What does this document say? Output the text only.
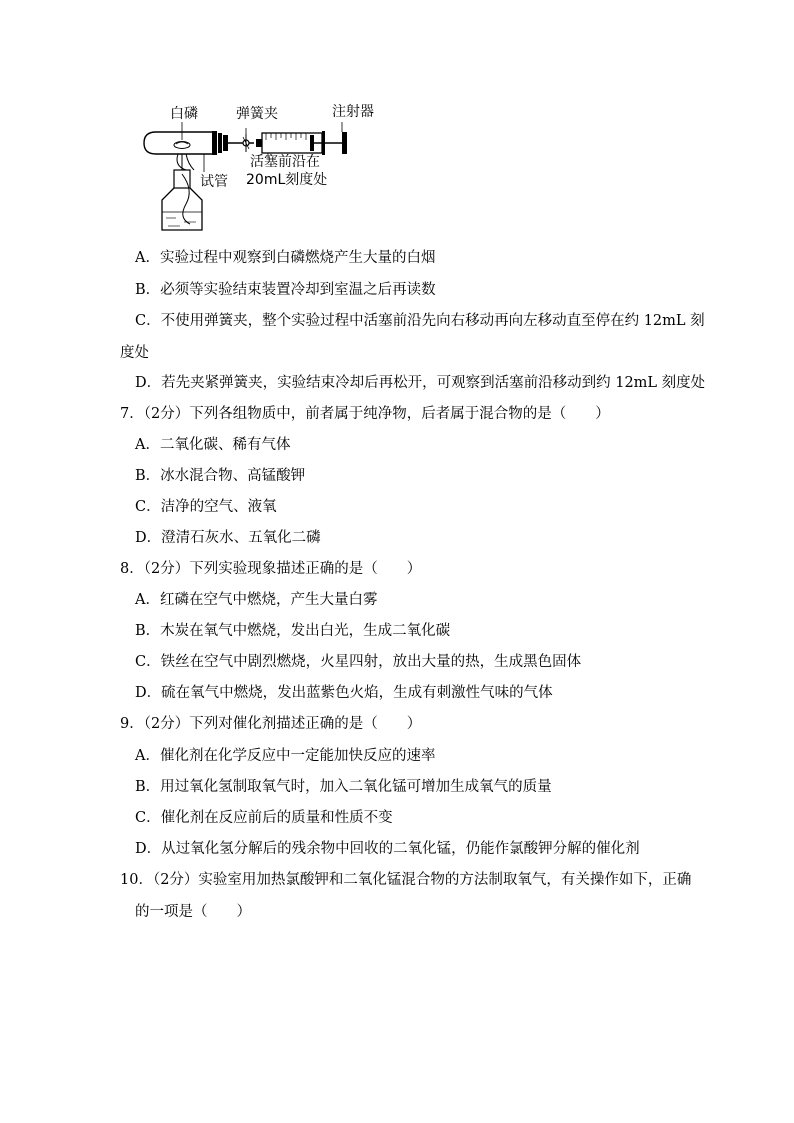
白磷	弹簧夹	注射器
试管
活塞前沿在
20mL刻度处
A．实验过程中观察到白磷燃烧产生大量的白烟
B．必须等实验结束装置冷却到室温之后再读数
C．不使用弹簧夹，整个实验过程中活塞前沿先向右移动再向左移动直至停在约 12mL 刻
度处
D．若先夹紧弹簧夹，实验结束冷却后再松开，可观察到活塞前沿移动到约 12mL 刻度处
7．（2分）下列各组物质中，前者属于纯净物，后者属于混合物的是（　　）
A．二氧化碳、稀有气体
B．冰水混合物、高锰酸钾
C．洁净的空气、液氧
D．澄清石灰水、五氧化二磷
8．（2分）下列实验现象描述正确的是（　　）
A．红磷在空气中燃烧，产生大量白雾
B．木炭在氧气中燃烧，发出白光，生成二氧化碳
C．铁丝在空气中剧烈燃烧，火星四射，放出大量的热，生成黑色固体
D．硫在氧气中燃烧，发出蓝紫色火焰，生成有刺激性气味的气体
9．（2分）下列对催化剂描述正确的是（　　）
A．催化剂在化学反应中一定能加快反应的速率
B．用过氧化氢制取氧气时，加入二氧化锰可增加生成氧气的质量
C．催化剂在反应前后的质量和性质不变
D．从过氧化氢分解后的残余物中回收的二氧化锰，仍能作氯酸钾分解的催化剂
10．（2分）实验室用加热氯酸钾和二氧化锰混合物的方法制取氧气，有关操作如下，正确
的一项是（　　）
